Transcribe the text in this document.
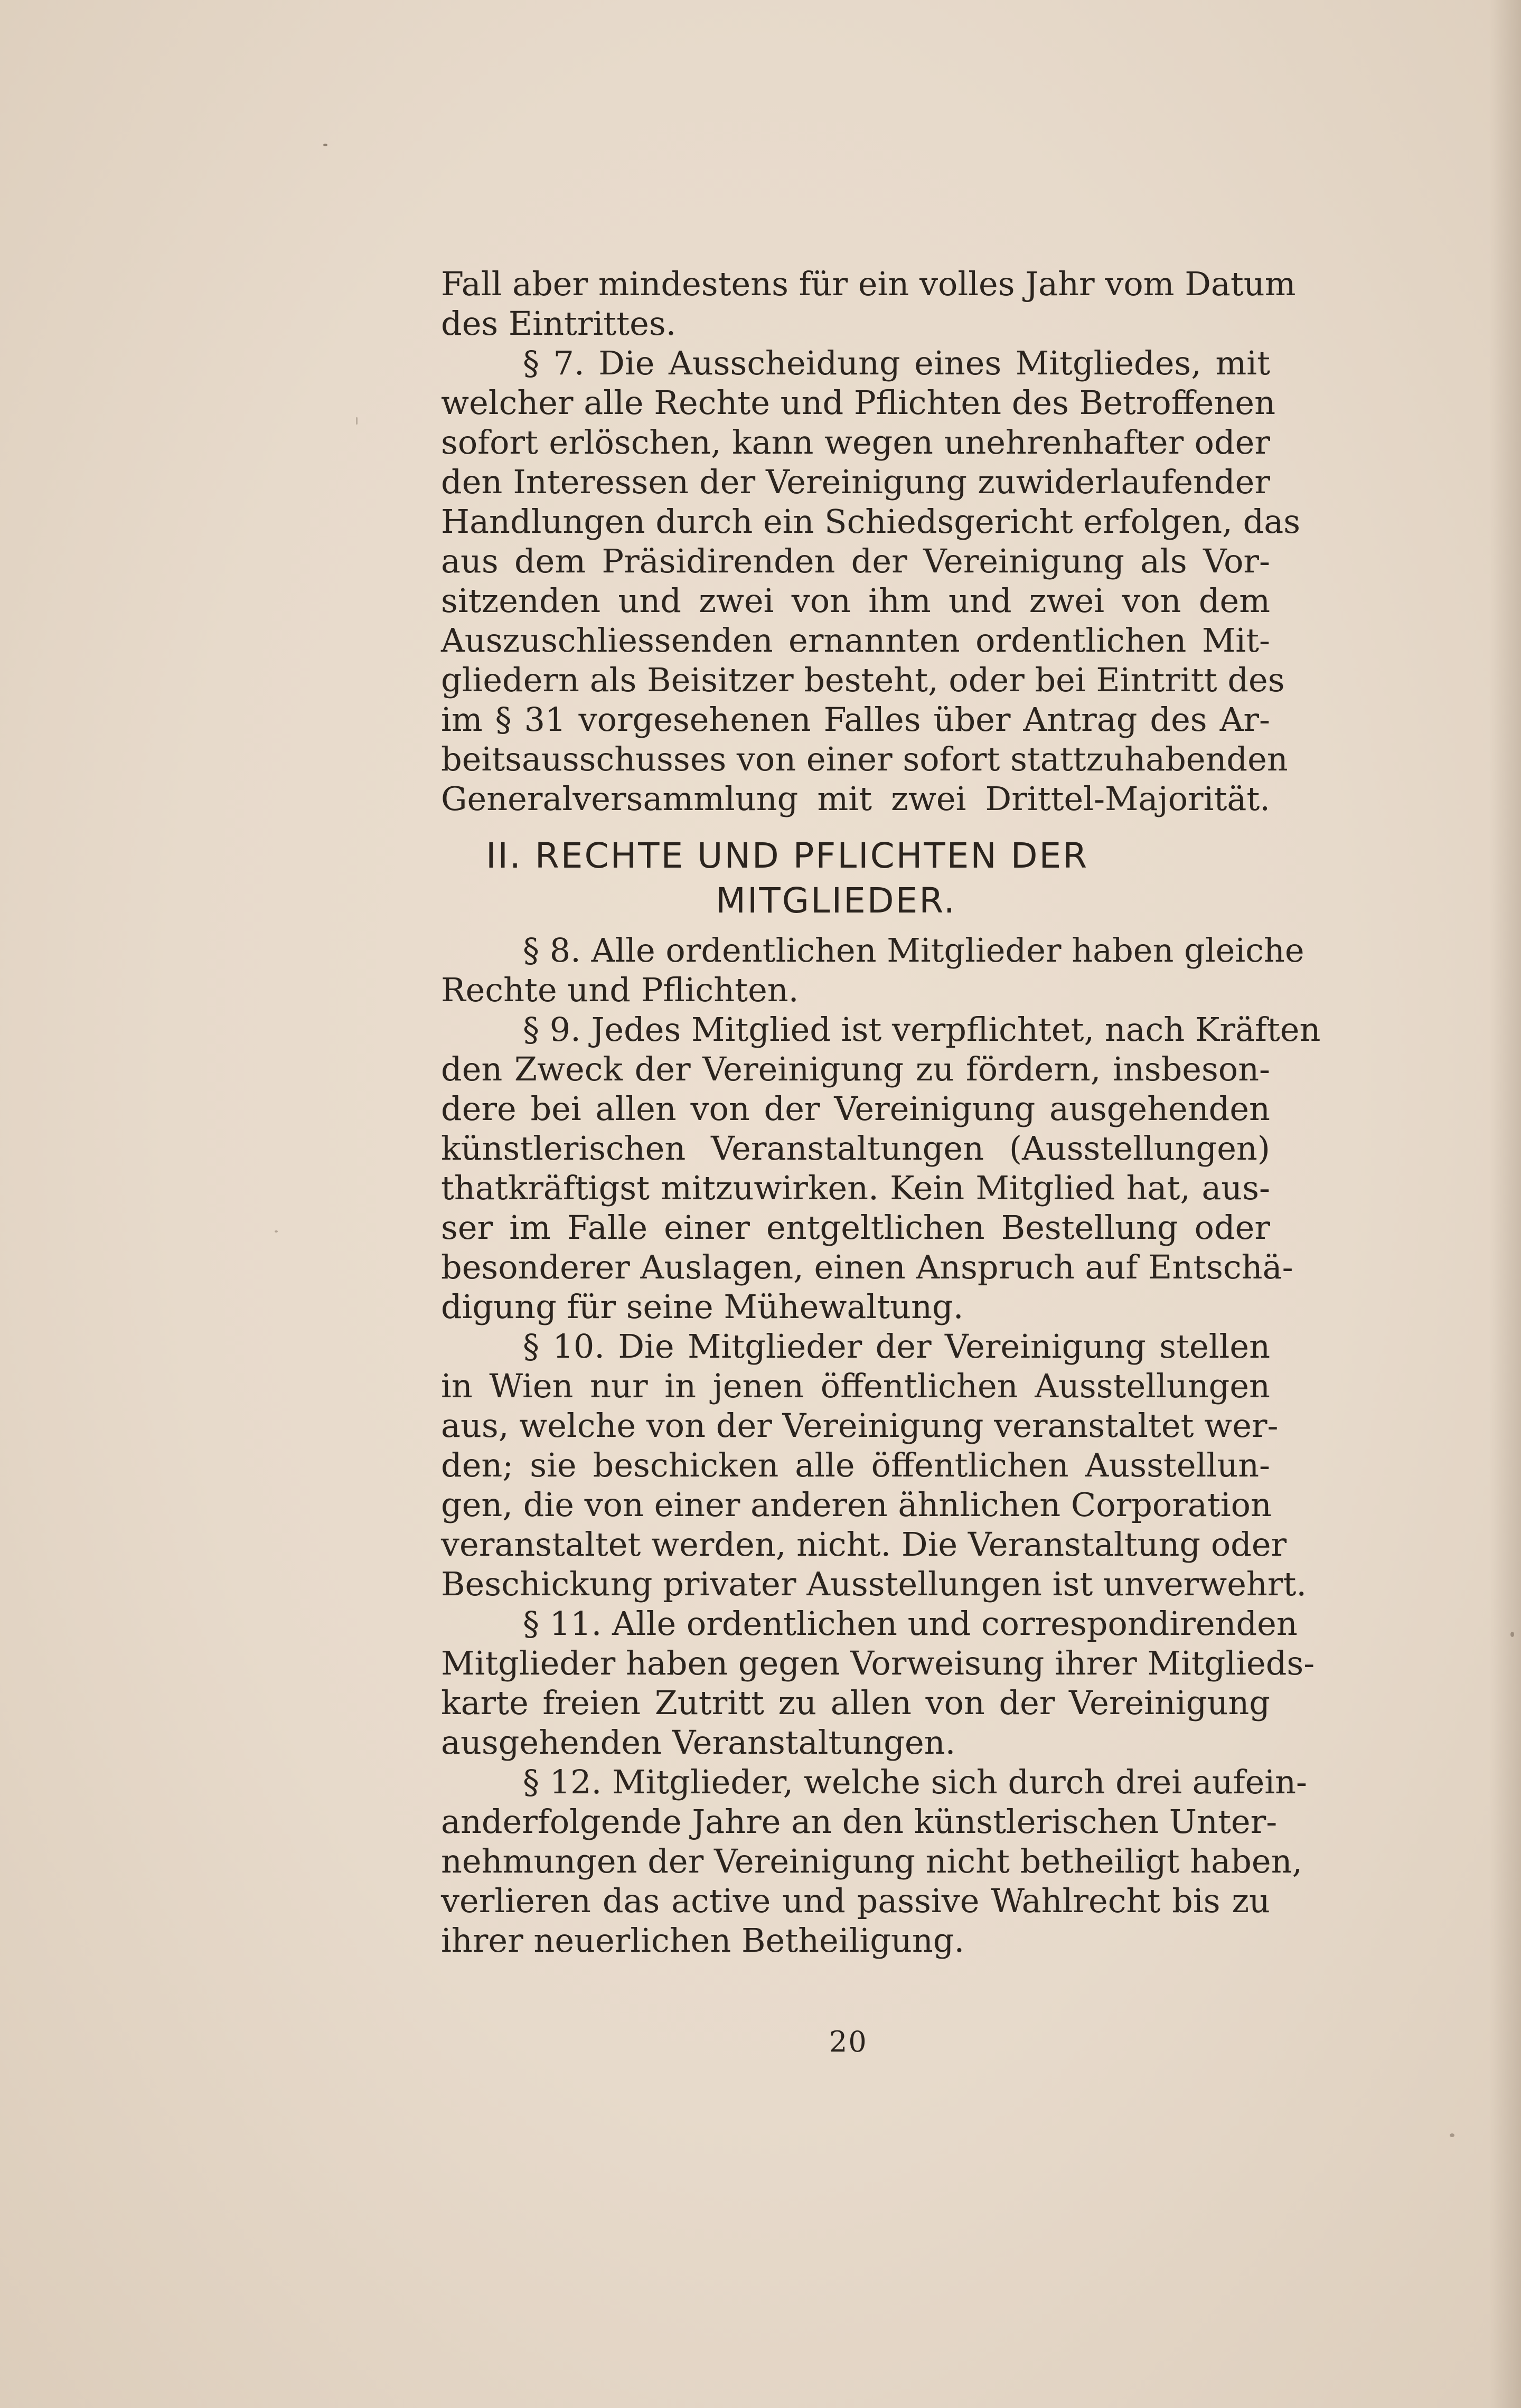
Fall aber mindestens für ein volles Jahr vom Datum
des Eintrittes.
§ 7. Die Ausscheidung eines Mitgliedes, mit
welcher alle Rechte und Pflichten des Betroffenen
sofort erlöschen, kann wegen unehrenhafter oder
den Interessen der Vereinigung zuwiderlaufender
Handlungen durch ein Schiedsgericht erfolgen, das
aus dem Präsidirenden der Vereinigung als Vor-
sitzenden und zwei von ihm und zwei von dem
Auszuschliessenden ernannten ordentlichen Mit-
gliedern als Beisitzer besteht, oder bei Eintritt des
im § 31 vorgesehenen Falles über Antrag des Ar-
beitsausschusses von einer sofort stattzuhabenden
Generalversammlung mit zwei Drittel-Majorität.
II. RECHTE UND PFLICHTEN DER
MITGLIEDER.
§ 8. Alle ordentlichen Mitglieder haben gleiche
Rechte und Pflichten.
§ 9. Jedes Mitglied ist verpflichtet, nach Kräften
den Zweck der Vereinigung zu fördern, insbeson-
dere bei allen von der Vereinigung ausgehenden
künstlerischen Veranstaltungen (Ausstellungen)
thatkräftigst mitzuwirken. Kein Mitglied hat, aus-
ser im Falle einer entgeltlichen Bestellung oder
besonderer Auslagen, einen Anspruch auf Entschä-
digung für seine Mühewaltung.
§ 10. Die Mitglieder der Vereinigung stellen
in Wien nur in jenen öffentlichen Ausstellungen
aus, welche von der Vereinigung veranstaltet wer-
den; sie beschicken alle öffentlichen Ausstellun-
gen, die von einer anderen ähnlichen Corporation
veranstaltet werden, nicht. Die Veranstaltung oder
Beschickung privater Ausstellungen ist unverwehrt.
§ 11. Alle ordentlichen und correspondirenden
Mitglieder haben gegen Vorweisung ihrer Mitglieds-
karte freien Zutritt zu allen von der Vereinigung
ausgehenden Veranstaltungen.
§ 12. Mitglieder, welche sich durch drei aufein-
anderfolgende Jahre an den künstlerischen Unter-
nehmungen der Vereinigung nicht betheiligt haben,
verlieren das active und passive Wahlrecht bis zu
ihrer neuerlichen Betheiligung.
20
